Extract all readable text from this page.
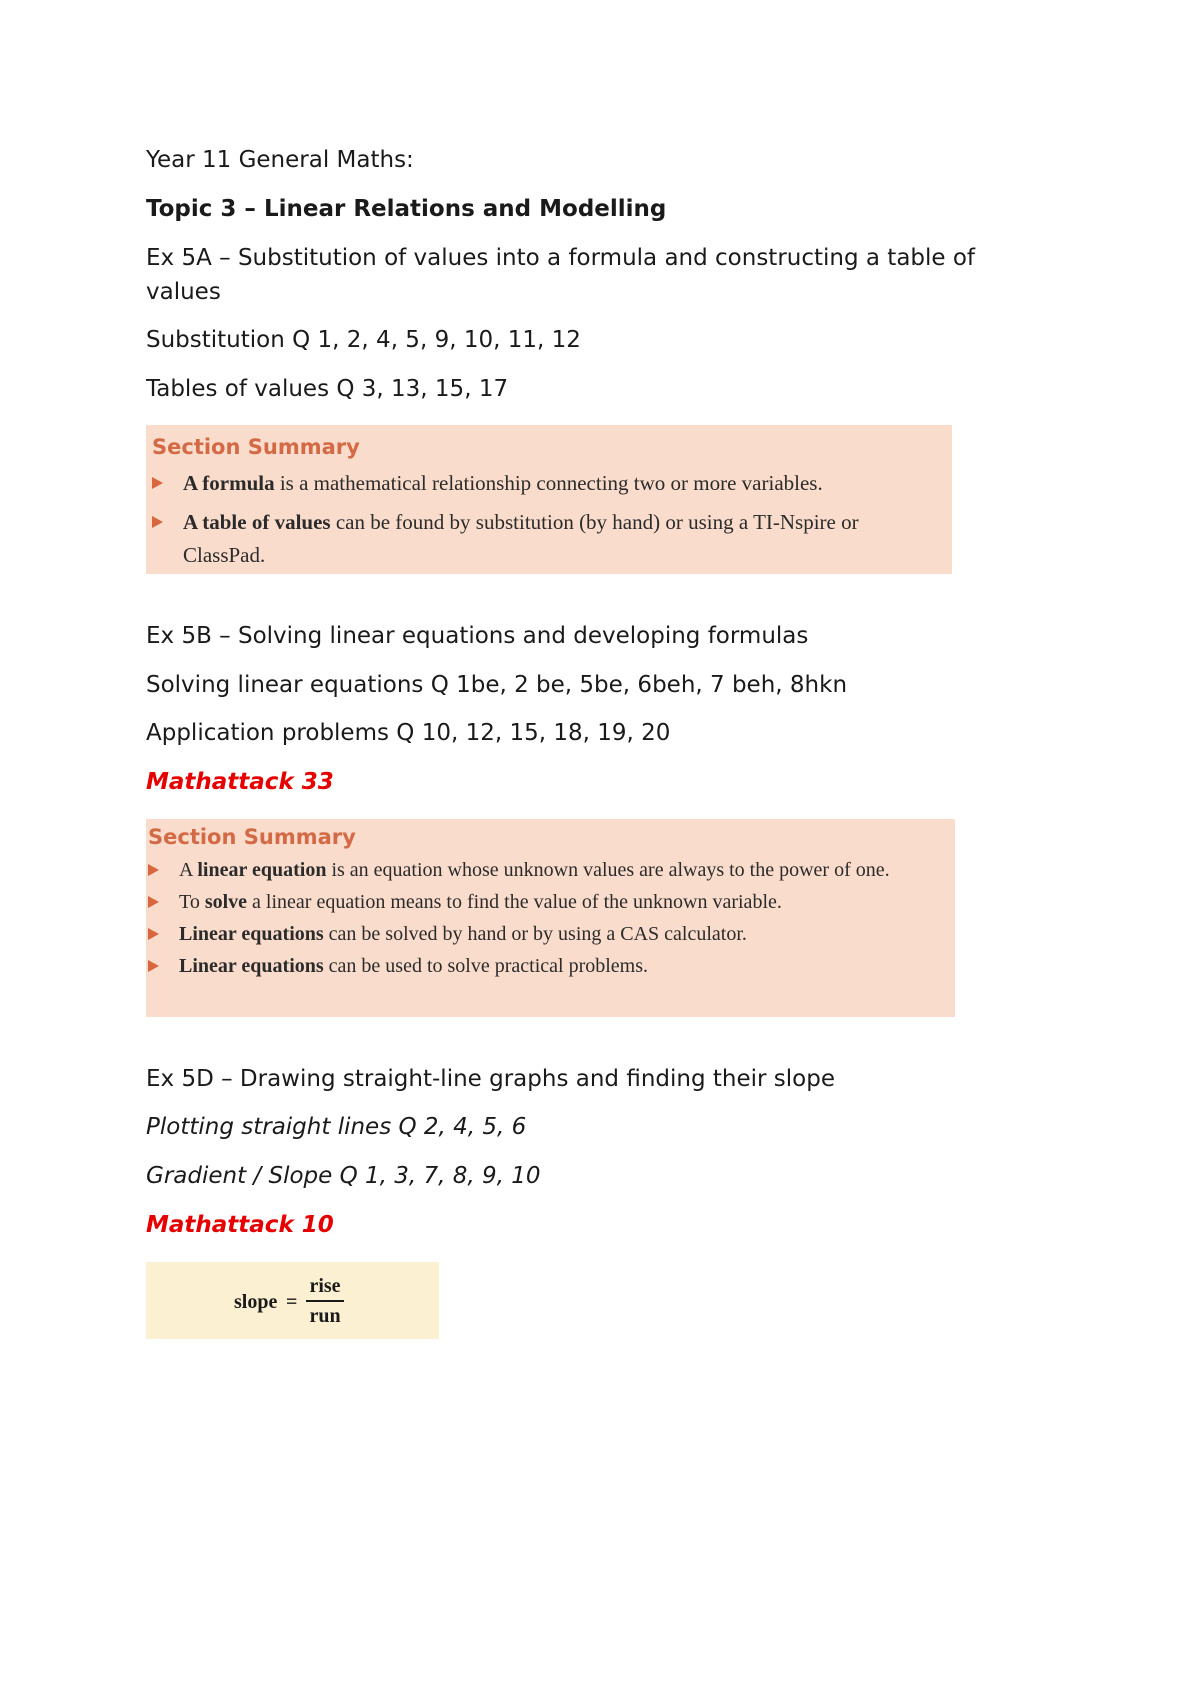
Year 11 General Maths:
Topic 3 – Linear Relations and Modelling
Ex 5A – Substitution of values into a formula and constructing a table of values
Substitution Q 1, 2, 4, 5, 9, 10, 11, 12
Tables of values Q 3, 13, 15, 17
Section Summary
A formula is a mathematical relationship connecting two or more variables.
A table of values can be found by substitution (by hand) or using a TI-Nspire or ClassPad.
Ex 5B – Solving linear equations and developing formulas
Solving linear equations Q 1be, 2 be, 5be, 6beh, 7 beh, 8hkn
Application problems Q 10, 12, 15, 18, 19, 20
Mathattack 33
Section Summary
A linear equation is an equation whose unknown values are always to the power of one.
To solve a linear equation means to find the value of the unknown variable.
Linear equations can be solved by hand or by using a CAS calculator.
Linear equations can be used to solve practical problems.
Ex 5D – Drawing straight-line graphs and finding their slope
Plotting straight lines Q 2, 4, 5, 6
Gradient / Slope Q 1, 3, 7, 8, 9, 10
Mathattack 10
slope =
rise
run
